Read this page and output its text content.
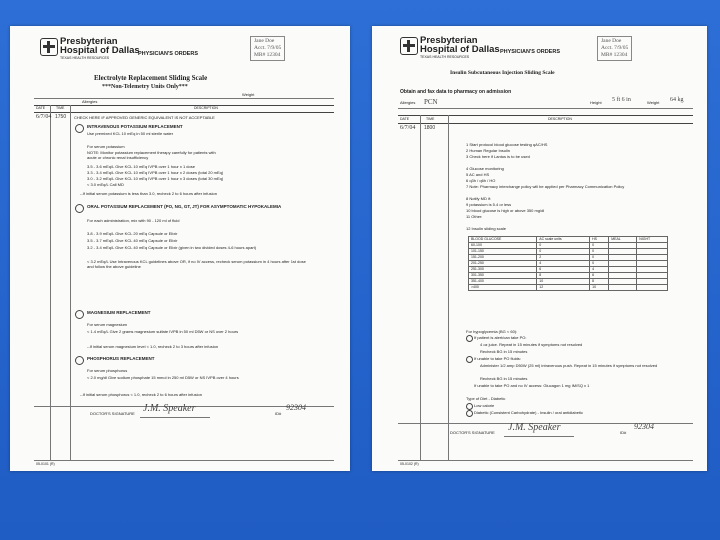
Presbyterian
Hospital of Dallas
TEXAS HEALTH RESOURCES
PHYSICIAN'S ORDERS
Jane Doe
Acct. 7/9/05
MR# 12304
Electrolyte Replacement Sliding Scale
***Non-Telemetry Units Only***
Weight
Allergies
DATE	TIME	DESCRIPTION
6/7/04 1750 CHECK HERE IF APPROVED GENERIC EQUIVALENT IS NOT ACCEPTABLE
INTRAVENOUS POTASSIUM REPLACEMENT
Use premixed KCL 10 mEq in 50 ml sterile water
For serum potassium
NOTE: Monitor potassium replacement therapy carefully for patients with
acute or chronic renal insufficiency
3.5 - 3.6 mEq/L Give KCL 10 mEq IVPB over 1 hour x 1 dose
3.3 - 3.4 mEq/L Give KCL 10 mEq IVPB over 1 hour x 2 doses (total 20 mEq)
3.0 - 3.2 mEq/L Give KCL 10 mEq IVPB over 1 hour x 3 doses (total 30 mEq)
< 3.0 mEq/L Call MD
--If initial serum potassium is less than 3.0, recheck 2 to 6 hours after infusion
ORAL POTASSIUM REPLACEMENT (PO, NG, GT, JT) FOR ASYMPTOMATIC HYPOKALEMIA
For each administration, mix with 90 - 120 ml of fluid
3.8 - 3.9 mEq/L Give KCL 20 mEq Capsule or Elixir
3.5 - 3.7 mEq/L Give KCL 40 mEq Capsule or Elixir
3.2 - 3.4 mEq/L Give KCL 40 mEq Capsule or Elixir (given in two divided doses 4-6 hours apart)
< 3.2 mEq/L Use Intravenous KCL guidelines above OR, if no IV access, recheck serum potassium in 4 hours after 1st dose and follow the above guideline
MAGNESIUM REPLACEMENT
For serum magnesium
< 1.4 mEq/L Give 2 grams magnesium sulfate IVPB in 50 ml D5W or NS over 2 hours
--If initial serum magnesium level < 1.0, recheck 2 to 3 hours after infusion
PHOSPHORUS REPLACEMENT
For serum phosphorus
< 2.0 mg/dl Give sodium phosphate 15 mmol in 250 ml D5W or NS IVPB over 4 hours
--If initial serum phosphorus < 1.0, recheck 2 to 6 hours after infusion
DOCTOR'S SIGNATURE J.M. Speaker	ID#
92304
05-0101 (R)
Presbyterian
Hospital of Dallas
TEXAS HEALTH RESOURCES
PHYSICIAN'S ORDERS
Jane Doe
Acct. 7/9/05
MR# 12304
Insulin Subcutaneous Injection Sliding Scale
Obtain and fax data to pharmacy on admission
Allergies PCN	Height 5 ft 6 in	Weight 64 kg
DATE	TIME	DESCRIPTION
6/7/04 1800
1 Start protocol blood glucose testing qAC/HS
2 Human Regular Insulin
3 Check here if Lantus is to be used
4 Glucose monitoring
5 AC and HS
6 q3h / q6h / HO
7 Note: Pharmacy interchange policy will be applied per Pharmacy Communication Policy
8 Notify MD if:
9 potassium is 5.4 or less
10 blood glucose is high or above 350 mg/dl
11 Other:
12 Insulin sliding scale
BLOOD GLUCOSE	AC scale units	HS	MEAL	NIGHT
60-100	0	0		
101-150	0	0		
151-200	2	0		
201-250	4	0		
251-300	6	4		
301-350	8	6		
351-400	10	8		
>400	12	10		
For hypoglycemia (BG < 60):
If patient is alert/can take PO:
4 oz juice. Repeat in 15 minutes if symptoms not resolved
Recheck BG in 15 minutes
If unable to take PO fluids:
Administer 1/2 amp D50W (25 ml) intravenous push. Repeat in 15 minutes if symptoms not resolved
Recheck BG in 15 minutes
If unable to take PO and no IV access: Glucagon 1 mg IM/SQ x 1
Type of Diet - Diabetic
Low calorie
Diabetic (Consistent Carbohydrate) - Insulin / oral antidiabetic
DOCTOR'S SIGNATURE J.M. Speaker	ID#
92304
05-0102 (R)
